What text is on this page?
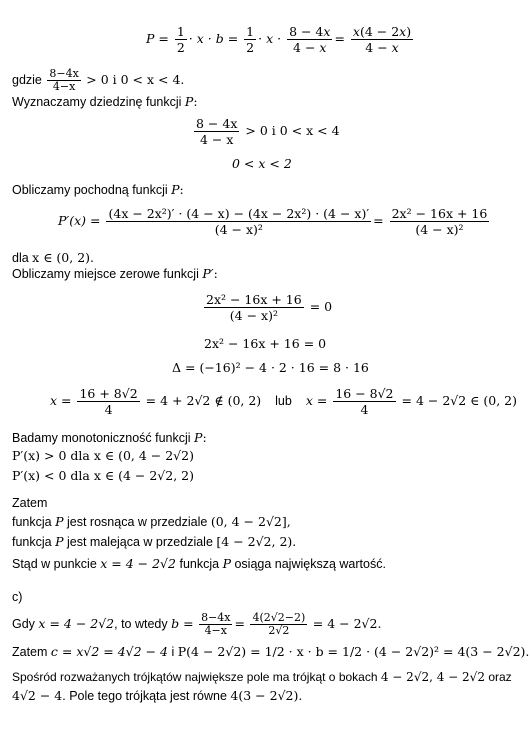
$P = \frac{1}{2} \cdot x \cdot b = \frac{1}{2} \cdot x \cdot \frac{8 - 4x}{4 - x} = \frac{x(4 - 2x)}{4 - x}$
gdzie $\frac{8-4x}{4-x} > 0$ i 0 < x < 4.
Wyznaczamy dziedzinę funkcji P:
$\frac{8 - 4x}{4 - x} > 0$ i 0 < x < 4
0 < x < 2
Obliczamy pochodną funkcji P:
$P'(x) = \frac{\text{(4x − 2x²)′ · (4 − x) − (4x − 2x²) · (4 − x)′}}{\text{(4 − x)²}} = \frac{\text{2x² − 16x + 16}}{\text{(4 − x)²}}$
dla x ∈ (0, 2).
Obliczamy miejsce zerowe funkcji P′:
$\frac{\text{2x² − 16x + 16}}{\text{(4 − x)²}} = 0$
2x² − 16x + 16 = 0
Δ = (−16)² − 4 · 2 · 16 = 8 · 16
$x = \frac{16 + 8√2}{4} = 4 + 2√2$ ∉ (0, 2) lub $x = \frac{16 - 8√2}{4} = 4 - 2√2$ ∈ (0, 2)
Badamy monotoniczność funkcji P:
P′(x) > 0 dla x ∈ (0, 4 − 2√2)
P′(x) < 0 dla x ∈ (4 − 2√2, 2)
Zatem
funkcja P jest rosnąca w przedziale (0, 4 − 2√2],
funkcja P jest malejąca w przedziale [4 − 2√2, 2).
Stąd w punkcie x = 4 − 2√2 funkcja P osiąga największą wartość.
c)
Gdy x = 4 − 2√2, to wtedy $b = \frac{8-4x}{4-x} = \frac{4(2√2-2)}{2√2} = 4 - 2√2$.
Zatem c = x√2 = 4√2 − 4 i P(4 − 2√2) = 1/2 · x · b = 1/2 · (4 − 2√2)² = 4(3 − 2√2).
Spośród rozważanych trójkątów największe pole ma trójkąt o bokach 4 − 2√2, 4 − 2√2 oraz
4√2 − 4. Pole tego trójkąta jest równe 4(3 − 2√2).
